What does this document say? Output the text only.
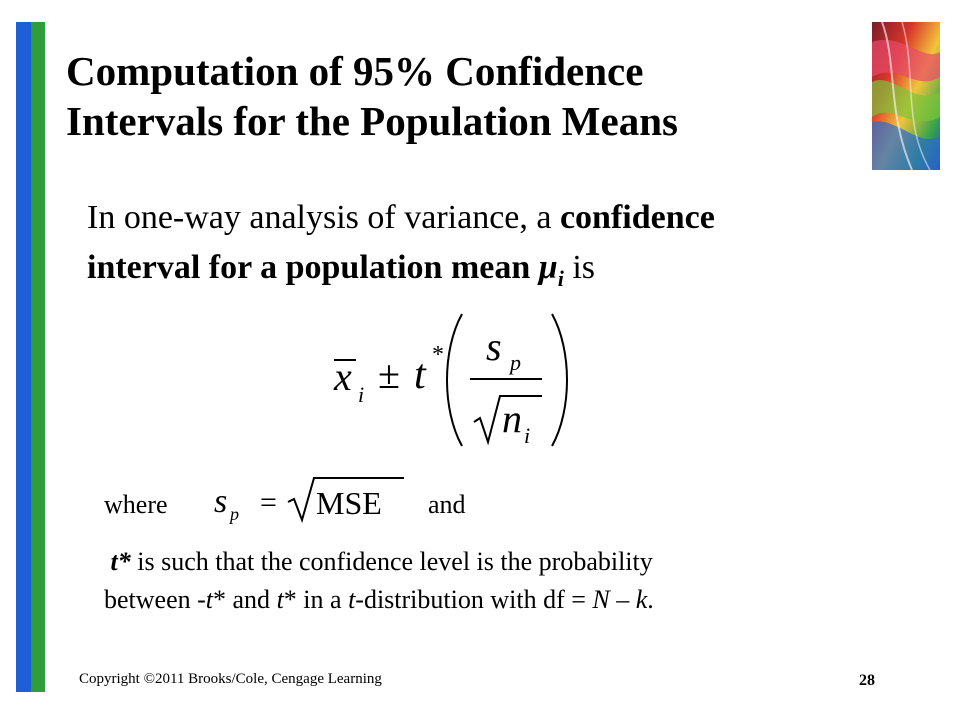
Computation of 95% Confidence
Intervals for the Population Means
In one-way analysis of variance, a confidence
interval for a population mean $\mu_i$ is
x i ± t * s p
n i
where s p = MSE and
t* is such that the confidence level is the probability
between -t* and t* in a t-distribution with df = N – k.
Copyright ©2011 Brooks/Cole, Cengage Learning	28
